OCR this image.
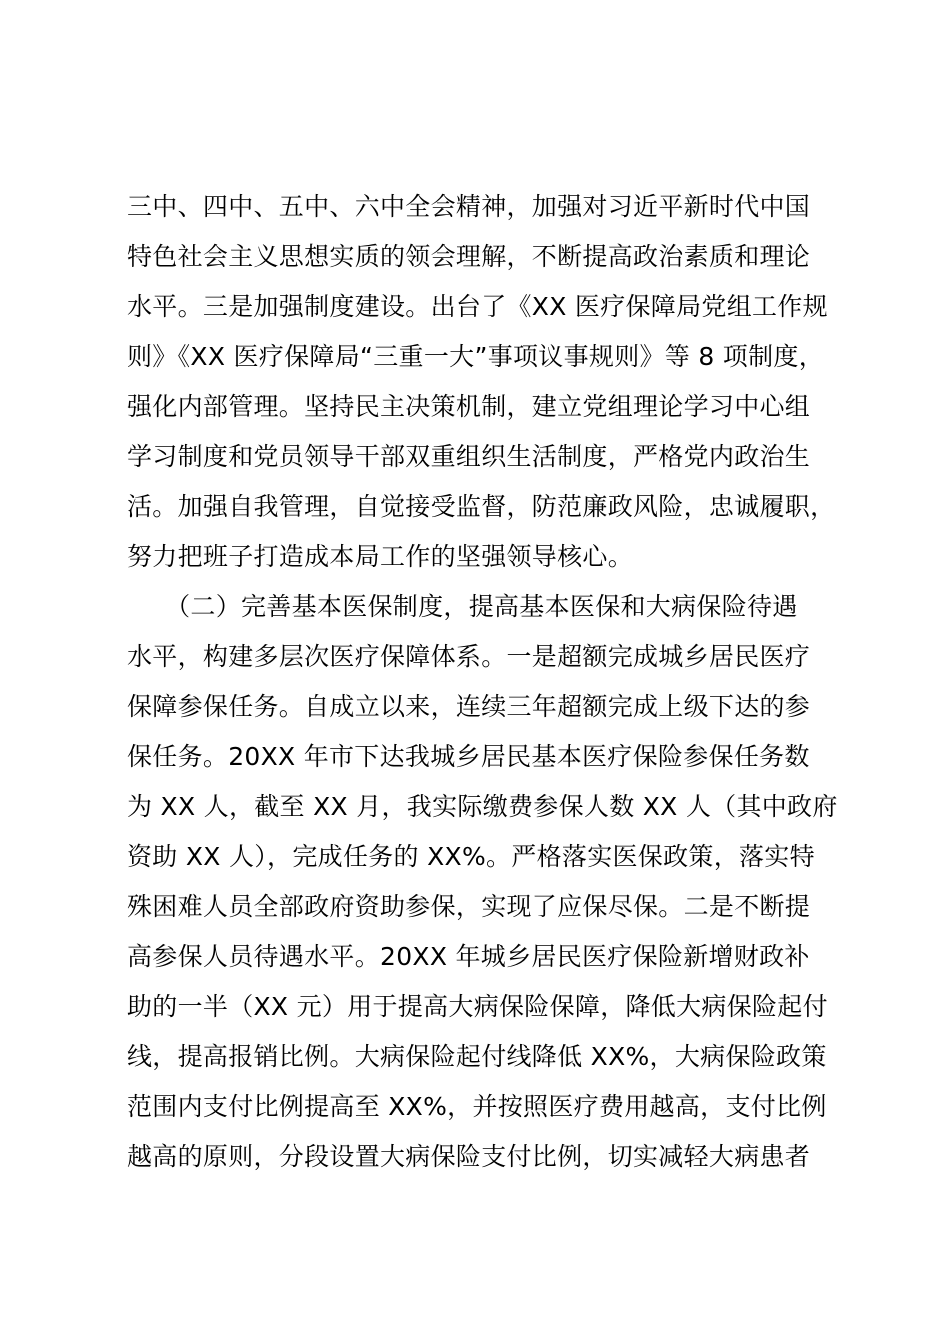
三中、四中、五中、六中全会精神，加强对习近平新时代中国
特色社会主义思想实质的领会理解，不断提高政治素质和理论
水平。三是加强制度建设。出台了《XX 医疗保障局党组工作规
则》《XX 医疗保障局“三重一大”事项议事规则》等 8 项制度，
强化内部管理。坚持民主决策机制，建立党组理论学习中心组
学习制度和党员领导干部双重组织生活制度，严格党内政治生
活。加强自我管理，自觉接受监督，防范廉政风险，忠诚履职，
努力把班子打造成本局工作的坚强领导核心。
　　（二）完善基本医保制度，提高基本医保和大病保险待遇
水平，构建多层次医疗保障体系。一是超额完成城乡居民医疗
保障参保任务。自成立以来，连续三年超额完成上级下达的参
保任务。20XX 年市下达我城乡居民基本医疗保险参保任务数
为 XX 人，截至 XX 月，我实际缴费参保人数 XX 人（其中政府
资助 XX 人），完成任务的 XX%。严格落实医保政策，落实特
殊困难人员全部政府资助参保，实现了应保尽保。二是不断提
高参保人员待遇水平。20XX 年城乡居民医疗保险新增财政补
助的一半（XX 元）用于提高大病保险保障，降低大病保险起付
线，提高报销比例。大病保险起付线降低 XX%，大病保险政策
范围内支付比例提高至 XX%，并按照医疗费用越高，支付比例
越高的原则，分段设置大病保险支付比例，切实减轻大病患者
